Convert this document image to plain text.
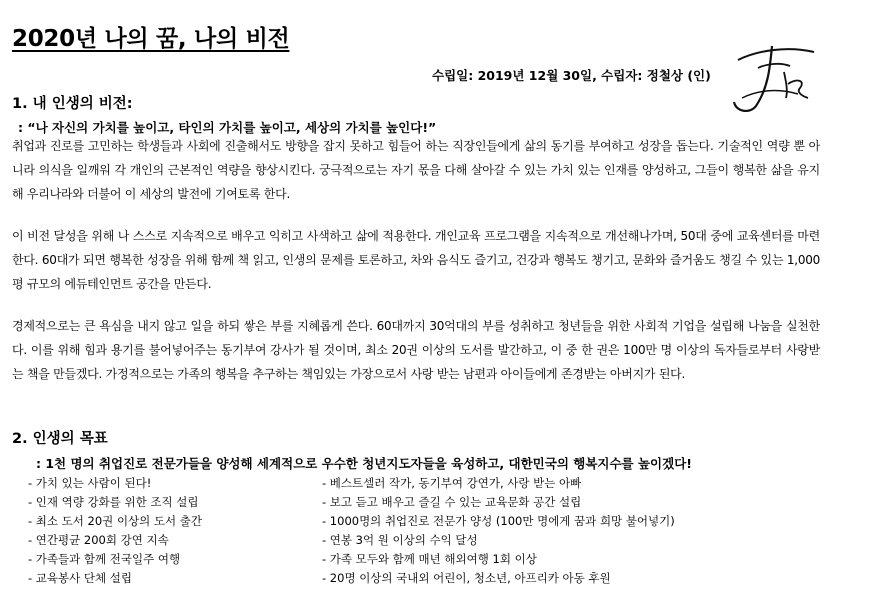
2020년 나의 꿈, 나의 비전
수립일: 2019년 12월 30일, 수립자: 정철상 (인)
1. 내 인생의 비전:
: “나 자신의 가치를 높이고, 타인의 가치를 높이고, 세상의 가치를 높인다!”

취업과 진로를 고민하는 학생들과 사회에 진출해서도 방향을 잡지 못하고 힘들어 하는 직장인들에게 삶의 동기를 부여하고 성장을 돕는다. 기술적인 역량 뿐 아니라 의식을 일깨워 각 개인의 근본적인 역량을 향상시킨다. 궁극적으로는 자기 몫을 다해 살아갈 수 있는 가치 있는 인재를 양성하고, 그들이 행복한 삶을 유지해 우리나라와 더불어 이 세상의 발전에 기여토록 한다.

이 비전 달성을 위해 나 스스로 지속적으로 배우고 익히고 사색하고 삶에 적용한다. 개인교육 프로그램을 지속적으로 개선해나가며, 50대 중에 교육센터를 마련한다. 60대가 되면 행복한 성장을 위해 함께 책 읽고, 인생의 문제를 토론하고, 차와 음식도 즐기고, 건강과 행복도 챙기고, 문화와 즐거움도 챙길 수 있는 1,000평 규모의 에듀테인먼트 공간을 만든다.

경제적으로는 큰 욕심을 내지 않고 일을 하되 쌓은 부를 지혜롭게 쓴다. 60대까지 30억대의 부를 성취하고 청년들을 위한 사회적 기업을 설립해 나눔을 실천한다. 이를 위해 힘과 용기를 불어넣어주는 동기부여 강사가 될 것이며, 최소 20권 이상의 도서를 발간하고, 이 중 한 권은 100만 명 이상의 독자들로부터 사랑받는 책을 만들겠다. 가정적으로는 가족의 행복을 추구하는 책임있는 가장으로서 사랑 받는 남편과 아이들에게 존경받는 아버지가 된다.

2. 인생의 목표
: 1천 명의 취업진로 전문가들을 양성해 세계적으로 우수한 청년지도자들을 육성하고, 대한민국의 행복지수를 높이겠다!
- 가치 있는 사람이 된다!
- 인재 역량 강화를 위한 조직 설립
- 최소 도서 20권 이상의 도서 출간
- 연간평균 200회 강연 지속
- 가족들과 함께 전국일주 여행
- 교육봉사 단체 설립
- 베스트셀러 작가, 동기부여 강연가, 사랑 받는 아빠
- 보고 듣고 배우고 즐길 수 있는 교육문화 공간 설립
- 1000명의 취업진로 전문가 양성 (100만 명에게 꿈과 희망 불어넣기)
- 연봉 3억 원 이상의 수익 달성
- 가족 모두와 함께 매년 해외여행 1회 이상
- 20명 이상의 국내외 어린이, 청소년, 아프리카 아동 후원
